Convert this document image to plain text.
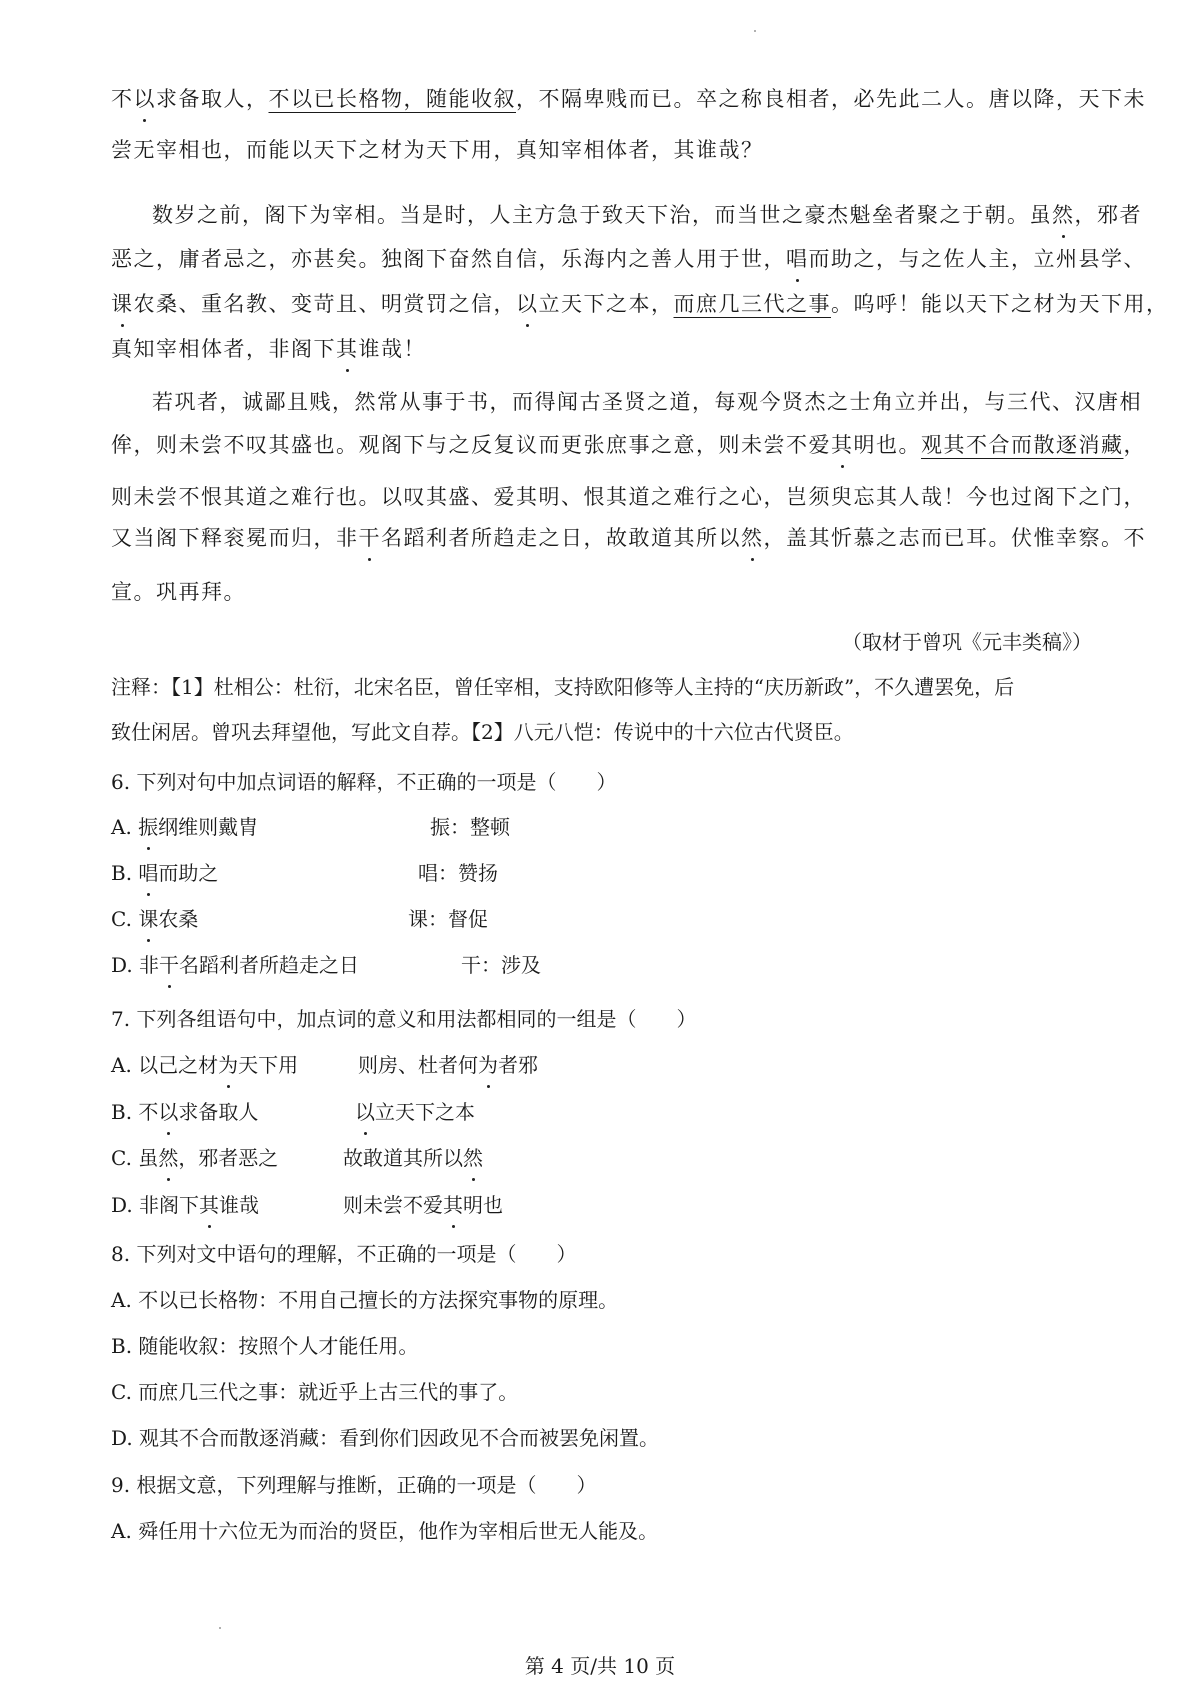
不以求备取人，不以已长格物，随能收叙，不隔卑贱而已。卒之称良相者，必先此二人。唐以降，天下未
尝无宰相也，而能以天下之材为天下用，真知宰相体者，其谁哉？
数岁之前，阁下为宰相。当是时，人主方急于致天下治，而当世之豪杰魁垒者聚之于朝。虽然，邪者
恶之，庸者忌之，亦甚矣。独阁下奋然自信，乐海内之善人用于世，唱而助之，与之佐人主，立州县学、
课农桑、重名教、变苛且、明赏罚之信，以立天下之本，而庶几三代之事。呜呼！能以天下之材为天下用，
真知宰相体者，非阁下其谁哉！
若巩者，诚鄙且贱，然常从事于书，而得闻古圣贤之道，每观今贤杰之士角立并出，与三代、汉唐相
侔，则未尝不叹其盛也。观阁下与之反复议而更张庶事之意，则未尝不爱其明也。观其不合而散逐消藏，
则未尝不恨其道之难行也。以叹其盛、爱其明、恨其道之难行之心，岂须臾忘其人哉！今也过阁下之门，
又当阁下释衮冕而归，非干名蹈利者所趋走之日，故敢道其所以然，盖其忻慕之志而已耳。伏惟幸察。不
宣。巩再拜。
（取材于曾巩《元丰类稿》）
注释：【1】杜相公：杜衍，北宋名臣，曾任宰相，支持欧阳修等人主持的“庆历新政”，不久遭罢免，后
致仕闲居。曾巩去拜望他，写此文自荐。【2】八元八恺：传说中的十六位古代贤臣。
6. 下列对句中加点词语的解释，不正确的一项是（　　）
A. 振纲维则戴胄	振：整顿
B. 唱而助之	唱：赞扬
C. 课农桑	课：督促
D. 非干名蹈利者所趋走之日	干：涉及
7. 下列各组语句中，加点词的意义和用法都相同的一组是（　　）
A. 以己之材为天下用	则房、杜者何为者邪
B. 不以求备取人	以立天下之本
C. 虽然，邪者恶之	故敢道其所以然
D. 非阁下其谁哉	则未尝不爱其明也
8. 下列对文中语句的理解，不正确的一项是（　　）
A. 不以已长格物：不用自己擅长的方法探究事物的原理。
B. 随能收叙：按照个人才能任用。
C. 而庶几三代之事：就近乎上古三代的事了。
D. 观其不合而散逐消藏：看到你们因政见不合而被罢免闲置。
9. 根据文意，下列理解与推断，正确的一项是（　　）
A. 舜任用十六位无为而治的贤臣，他作为宰相后世无人能及。
第 4 页/共 10 页
